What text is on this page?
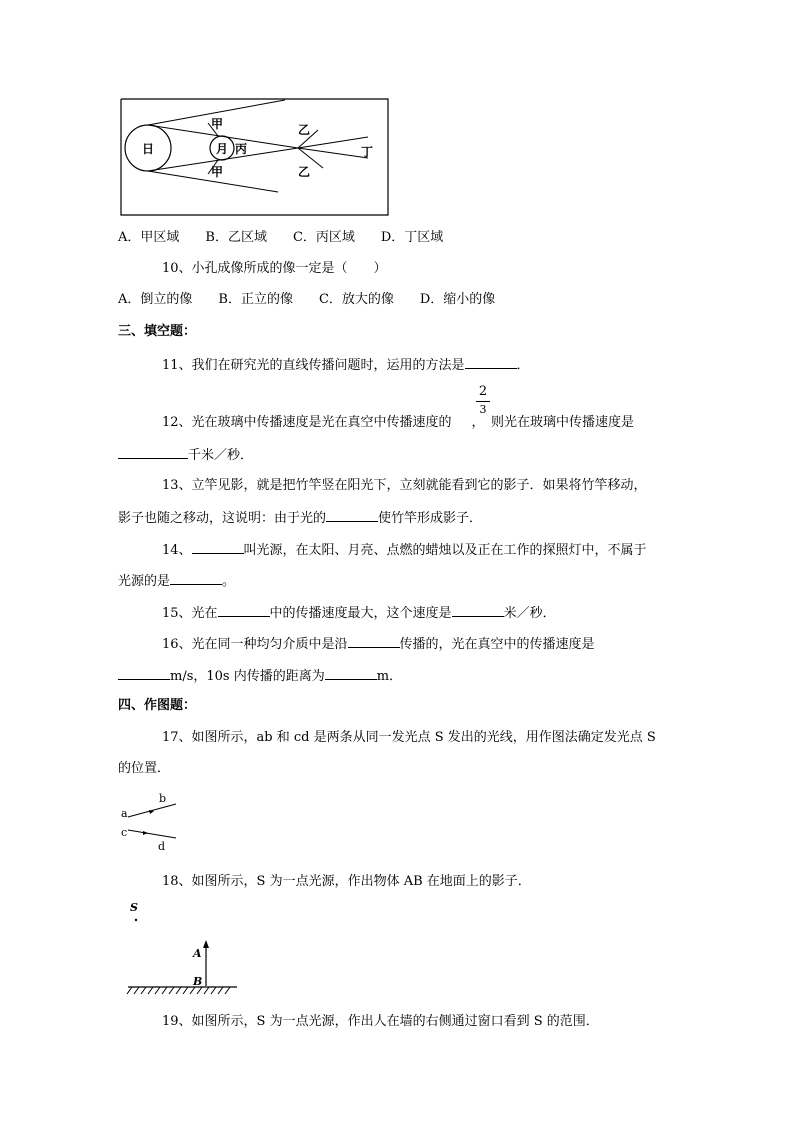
日	月
甲
甲
丙
乙
乙
丁
A．甲区域　　B．乙区域　　C．丙区域　　D．丁区域
10、小孔成像所成的像一定是（　　）
A．倒立的像　　B．正立的像　　C．放大的像　　D．缩小的像
三、填空题：
11、我们在研究光的直线传播问题时，运用的方法是	．
2
3
12、光在玻璃中传播速度是光在真空中传播速度的 ，　则光在玻璃中传播速度是
千米／秒．
13、立竿见影，就是把竹竿竖在阳光下，立刻就能看到它的影子．如果将竹竿移动，
影子也随之移动，这说明：由于光的	使竹竿形成影子．
14、	叫光源，在太阳、月亮、点燃的蜡烛以及正在工作的探照灯中，不属于
光源的是	。
15、光在	中的传播速度最大，这个速度是	米／秒．
16、光在同一种均匀介质中是沿	传播的，光在真空中的传播速度是
m/s，10s 内传播的距离为	m．
四、作图题：
17、如图所示，ab 和 cd 是两条从同一发光点 S 发出的光线，用作图法确定发光点 S
的位置．
a
b
c
d
18、如图所示，S 为一点光源，作出物体 AB 在地面上的影子．
S
A
B
19、如图所示，S 为一点光源，作出人在墙的右侧通过窗口看到 S 的范围．
